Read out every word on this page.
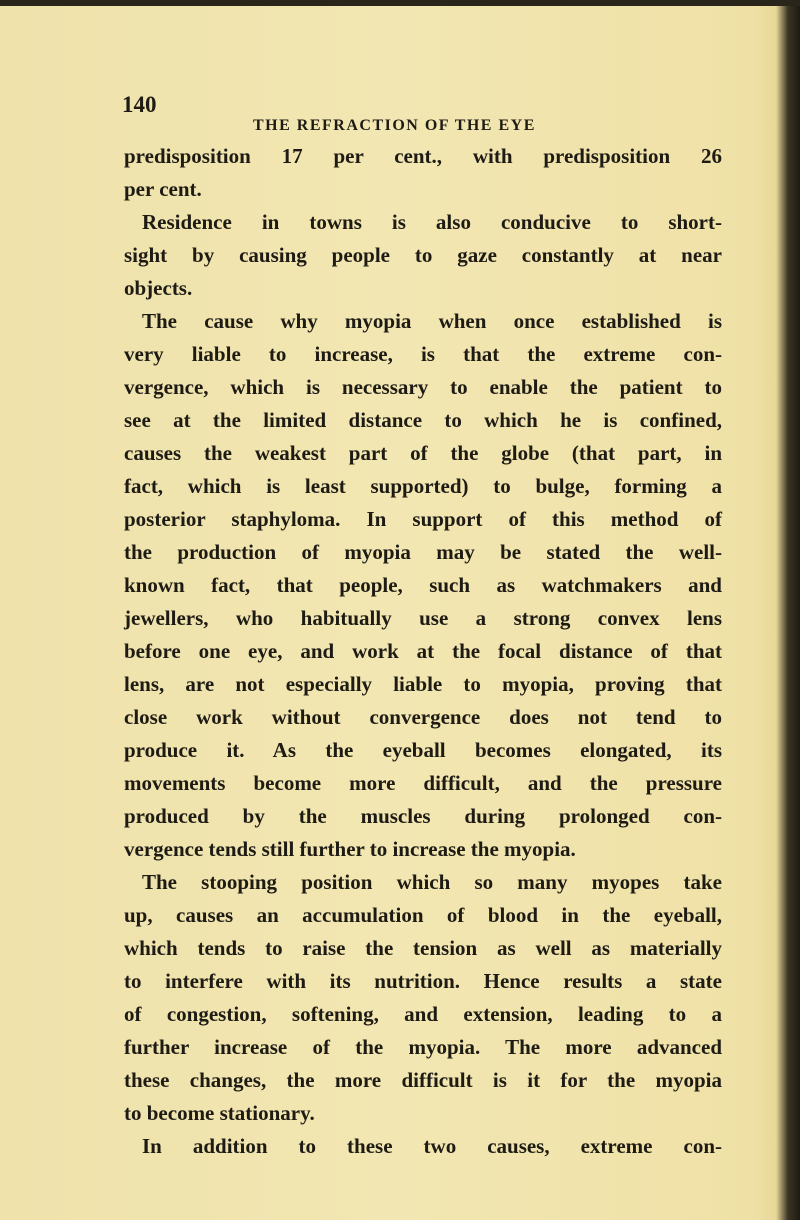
140
THE REFRACTION OF THE EYE
predisposition 17 per cent., with predisposition 26
per cent.
Residence in towns is also conducive to short-
sight by causing people to gaze constantly at near
objects.
The cause why myopia when once established is
very liable to increase, is that the extreme con-
vergence, which is necessary to enable the patient to
see at the limited distance to which he is confined,
causes the weakest part of the globe (that part, in
fact, which is least supported) to bulge, forming a
posterior staphyloma. In support of this method of
the production of myopia may be stated the well-
known fact, that people, such as watchmakers and
jewellers, who habitually use a strong convex lens
before one eye, and work at the focal distance of that
lens, are not especially liable to myopia, proving that
close work without convergence does not tend to
produce it. As the eyeball becomes elongated, its
movements become more difficult, and the pressure
produced by the muscles during prolonged con-
vergence tends still further to increase the myopia.
The stooping position which so many myopes take
up, causes an accumulation of blood in the eyeball,
which tends to raise the tension as well as materially
to interfere with its nutrition. Hence results a state
of congestion, softening, and extension, leading to a
further increase of the myopia. The more advanced
these changes, the more difficult is it for the myopia
to become stationary.
In addition to these two causes, extreme con-
